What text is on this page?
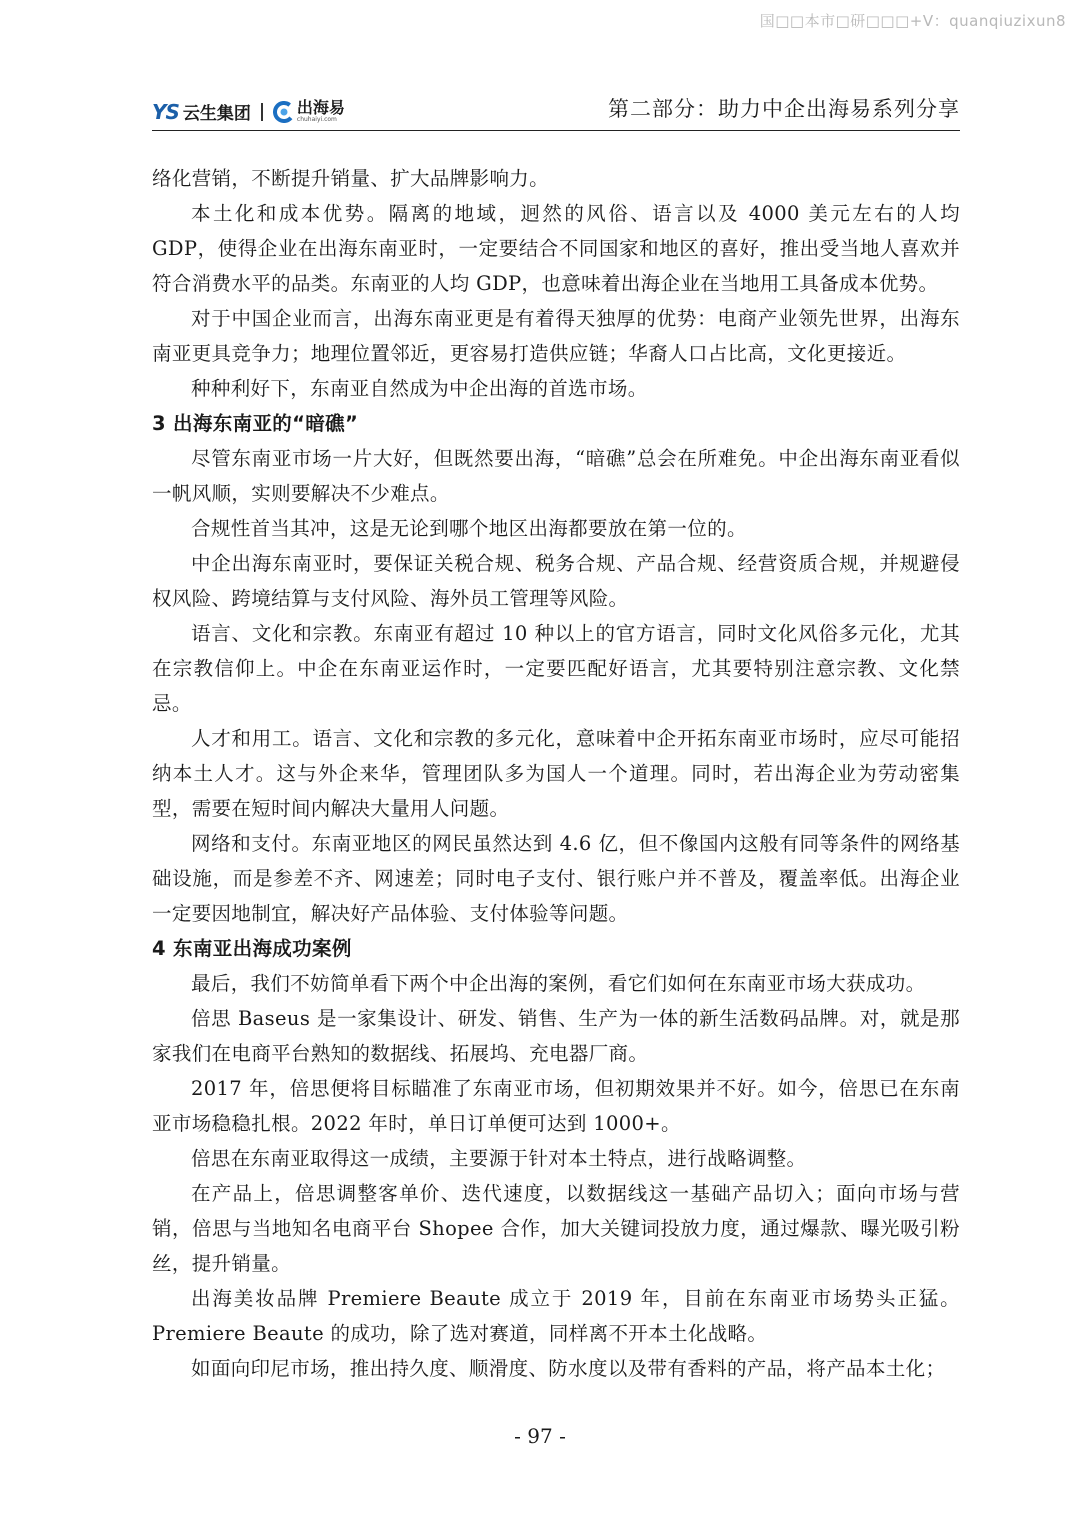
国□□本市□研□□□+V：quanqiuzixun8
YS 云生集团	出海易
chuhaiyi.com	第二部分：助力中企出海易系列分享

络化营销，不断提升销量、扩大品牌影响力。

本土化和成本优势。隔离的地域，迥然的风俗、语言以及 4000 美元左右的人均 GDP，使得企业在出海东南亚时，一定要结合不同国家和地区的喜好，推出受当地人喜欢并符合消费水平的品类。东南亚的人均 GDP，也意味着出海企业在当地用工具备成本优势。

对于中国企业而言，出海东南亚更是有着得天独厚的优势：电商产业领先世界，出海东南亚更具竞争力；地理位置邻近，更容易打造供应链；华裔人口占比高，文化更接近。

种种利好下，东南亚自然成为中企出海的首选市场。

3 出海东南亚的“暗礁”

尽管东南亚市场一片大好，但既然要出海，“暗礁”总会在所难免。中企出海东南亚看似一帆风顺，实则要解决不少难点。

合规性首当其冲，这是无论到哪个地区出海都要放在第一位的。

中企出海东南亚时，要保证关税合规、税务合规、产品合规、经营资质合规，并规避侵权风险、跨境结算与支付风险、海外员工管理等风险。

语言、文化和宗教。东南亚有超过 10 种以上的官方语言，同时文化风俗多元化，尤其在宗教信仰上。中企在东南亚运作时，一定要匹配好语言，尤其要特别注意宗教、文化禁忌。

人才和用工。语言、文化和宗教的多元化，意味着中企开拓东南亚市场时，应尽可能招纳本土人才。这与外企来华，管理团队多为国人一个道理。同时，若出海企业为劳动密集型，需要在短时间内解决大量用人问题。

网络和支付。东南亚地区的网民虽然达到 4.6 亿，但不像国内这般有同等条件的网络基础设施，而是参差不齐、网速差；同时电子支付、银行账户并不普及，覆盖率低。出海企业一定要因地制宜，解决好产品体验、支付体验等问题。

4 东南亚出海成功案例

最后，我们不妨简单看下两个中企出海的案例，看它们如何在东南亚市场大获成功。

倍思 Baseus 是一家集设计、研发、销售、生产为一体的新生活数码品牌。对，就是那家我们在电商平台熟知的数据线、拓展坞、充电器厂商。

2017 年，倍思便将目标瞄准了东南亚市场，但初期效果并不好。如今，倍思已在东南亚市场稳稳扎根。2022 年时，单日订单便可达到 1000+。

倍思在东南亚取得这一成绩，主要源于针对本土特点，进行战略调整。

在产品上，倍思调整客单价、迭代速度，以数据线这一基础产品切入；面向市场与营销，倍思与当地知名电商平台 Shopee 合作，加大关键词投放力度，通过爆款、曝光吸引粉丝，提升销量。

出海美妆品牌 Premiere Beaute 成立于 2019 年，目前在东南亚市场势头正猛。Premiere Beaute 的成功，除了选对赛道，同样离不开本土化战略。

如面向印尼市场，推出持久度、顺滑度、防水度以及带有香料的产品，将产品本土化；

- 97 -
